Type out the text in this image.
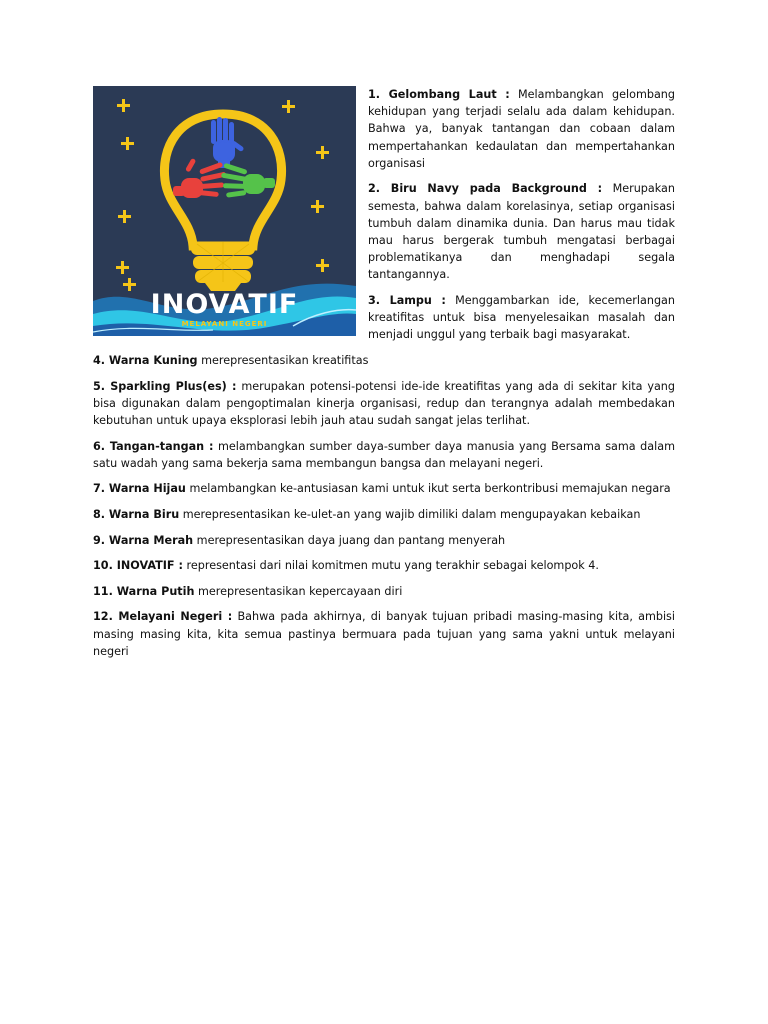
INOVATIF
MELAYANI NEGERI

1. Gelombang Laut : Melambangkan gelombang kehidupan yang terjadi selalu ada dalam kehidupan. Bahwa ya, banyak tantangan dan cobaan dalam mempertahankan kedaulatan dan mempertahankan organisasi

2. Biru Navy pada Background : Merupakan semesta, bahwa dalam korelasinya, setiap organisasi tumbuh dalam dinamika dunia. Dan harus mau tidak mau harus bergerak tumbuh mengatasi berbagai problematikanya dan menghadapi segala tantangannya.

3. Lampu : Menggambarkan ide, kecemerlangan kreatifitas untuk bisa menyelesaikan masalah dan menjadi unggul yang terbaik bagi masyarakat.

4. Warna Kuning merepresentasikan kreatifitas

5. Sparkling Plus(es) : merupakan potensi-potensi ide-ide kreatifitas yang ada di sekitar kita yang bisa digunakan dalam pengoptimalan kinerja organisasi, redup dan terangnya adalah membedakan kebutuhan untuk upaya eksplorasi lebih jauh atau sudah sangat jelas terlihat.

6. Tangan-tangan : melambangkan sumber daya-sumber daya manusia yang Bersama sama dalam satu wadah yang sama bekerja sama membangun bangsa dan melayani negeri.

7. Warna Hijau melambangkan ke-antusiasan kami untuk ikut serta berkontribusi memajukan negara

8. Warna Biru merepresentasikan ke-ulet-an yang wajib dimiliki dalam mengupayakan kebaikan

9. Warna Merah merepresentasikan daya juang dan pantang menyerah

10. INOVATIF : representasi dari nilai komitmen mutu yang terakhir sebagai kelompok 4.

11. Warna Putih merepresentasikan kepercayaan diri

12. Melayani Negeri : Bahwa pada akhirnya, di banyak tujuan pribadi masing-masing kita, ambisi masing masing kita, kita semua pastinya bermuara pada tujuan yang sama yakni untuk melayani negeri
